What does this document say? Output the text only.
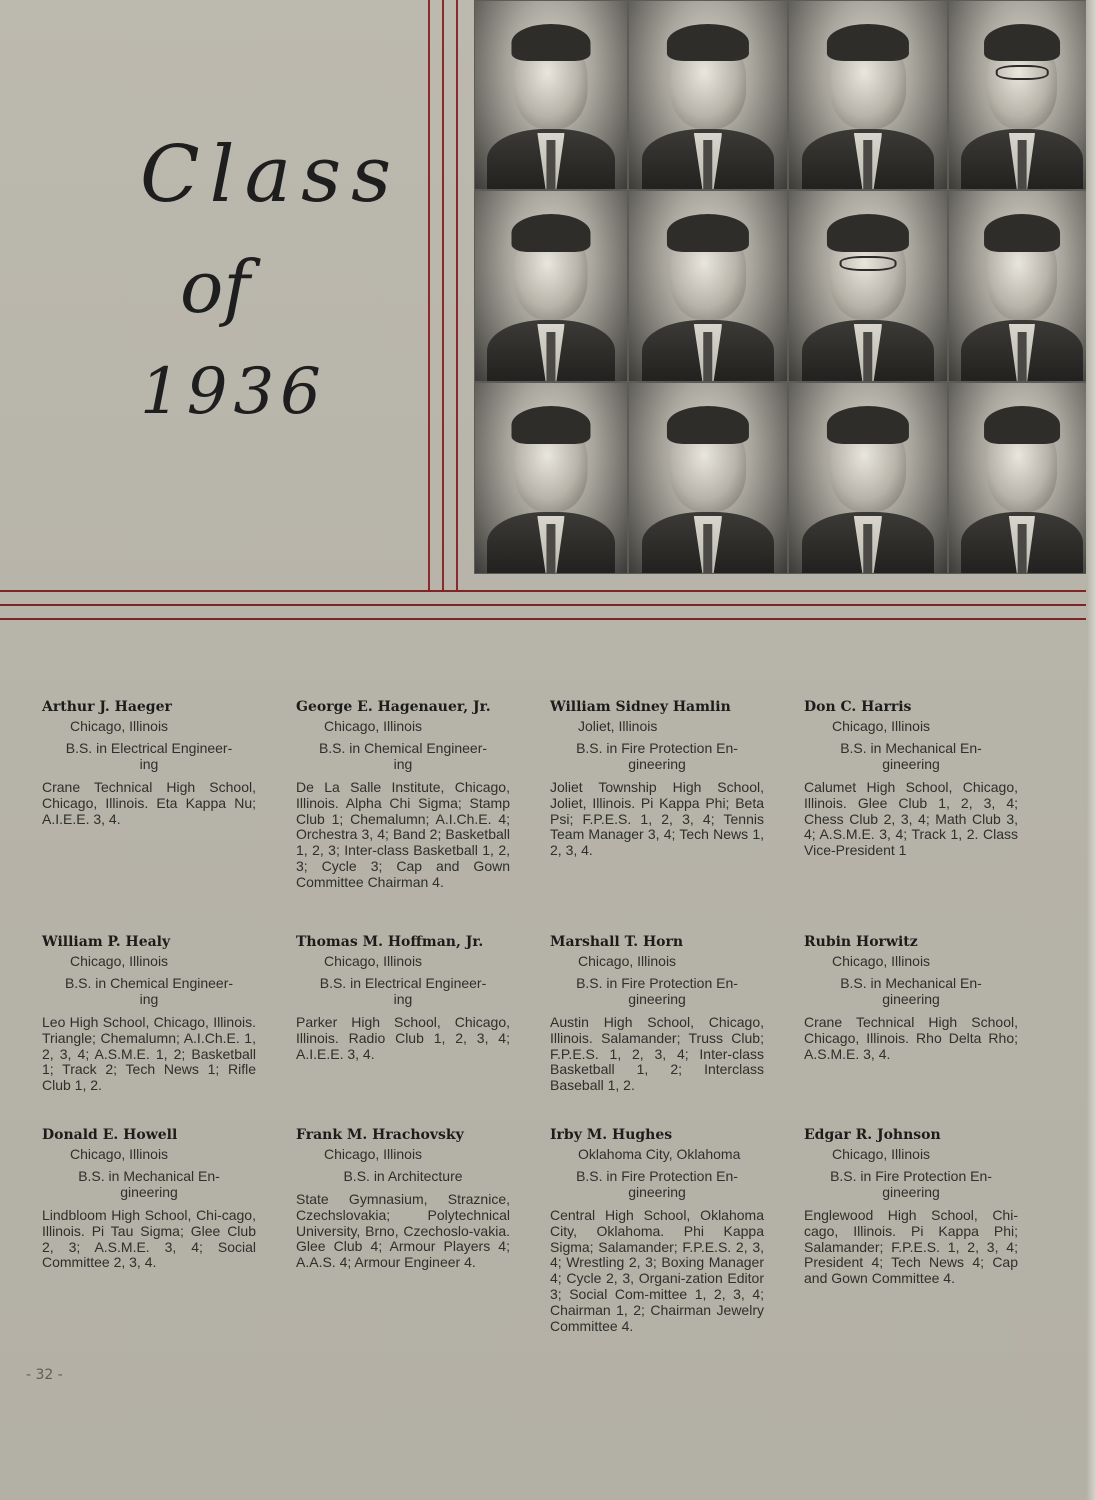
Class
of
1936
Arthur J. Haeger
Chicago, Illinois
B.S. in Electrical Engineer-
ing
Crane Technical High School, Chicago, Illinois. Eta Kappa Nu; A.I.E.E. 3, 4.
George E. Hagenauer, Jr.
Chicago, Illinois
B.S. in Chemical Engineer-
ing
De La Salle Institute, Chicago, Illinois. Alpha Chi Sigma; Stamp Club 1; Chemalumn; A.I.Ch.E. 4; Orchestra 3, 4; Band 2; Basketball 1, 2, 3; Inter-class Basketball 1, 2, 3; Cycle 3; Cap and Gown Committee Chairman 4.
William Sidney Hamlin
Joliet, Illinois
B.S. in Fire Protection En-
gineering
Joliet Township High School, Joliet, Illinois. Pi Kappa Phi; Beta Psi; F.P.E.S. 1, 2, 3, 4; Tennis Team Manager 3, 4; Tech News 1, 2, 3, 4.
Don C. Harris
Chicago, Illinois
B.S. in Mechanical En-
gineering
Calumet High School, Chicago, Illinois. Glee Club 1, 2, 3, 4; Chess Club 2, 3, 4; Math Club 3, 4; A.S.M.E. 3, 4; Track 1, 2. Class Vice-President 1
William P. Healy
Chicago, Illinois
B.S. in Chemical Engineer-
ing
Leo High School, Chicago, Illinois. Triangle; Chemalumn; A.I.Ch.E. 1, 2, 3, 4; A.S.M.E. 1, 2; Basketball 1; Track 2; Tech News 1; Rifle Club 1, 2.
Thomas M. Hoffman, Jr.
Chicago, Illinois
B.S. in Electrical Engineer-
ing
Parker High School, Chicago, Illinois. Radio Club 1, 2, 3, 4; A.I.E.E. 3, 4.
Marshall T. Horn
Chicago, Illinois
B.S. in Fire Protection En-
gineering
Austin High School, Chicago, Illinois. Salamander; Truss Club; F.P.E.S. 1, 2, 3, 4; Inter-class Basketball 1, 2; Interclass Baseball 1, 2.
Rubin Horwitz
Chicago, Illinois
B.S. in Mechanical En-
gineering
Crane Technical High School, Chicago, Illinois. Rho Delta Rho; A.S.M.E. 3, 4.
Donald E. Howell
Chicago, Illinois
B.S. in Mechanical En-
gineering
Lindbloom High School, Chi-cago, Illinois. Pi Tau Sigma; Glee Club 2, 3; A.S.M.E. 3, 4; Social Committee 2, 3, 4.
Frank M. Hrachovsky
Chicago, Illinois
B.S. in Architecture
State Gymnasium, Straznice, Czechslovakia; Polytechnical University, Brno, Czechoslo-vakia. Glee Club 4; Armour Players 4; A.A.S. 4; Armour Engineer 4.
Irby M. Hughes
Oklahoma City, Oklahoma
B.S. in Fire Protection En-
gineering
Central High School, Oklahoma City, Oklahoma. Phi Kappa Sigma; Salamander; F.P.E.S. 2, 3, 4; Wrestling 2, 3; Boxing Manager 4; Cycle 2, 3, Organi-zation Editor 3; Social Com-mittee 1, 2, 3, 4; Chairman 1, 2; Chairman Jewelry Committee 4.
Edgar R. Johnson
Chicago, Illinois
B.S. in Fire Protection En-
gineering
Englewood High School, Chi-cago, Illinois. Pi Kappa Phi; Salamander; F.P.E.S. 1, 2, 3, 4; President 4; Tech News 4; Cap and Gown Committee 4.
- 32 -
